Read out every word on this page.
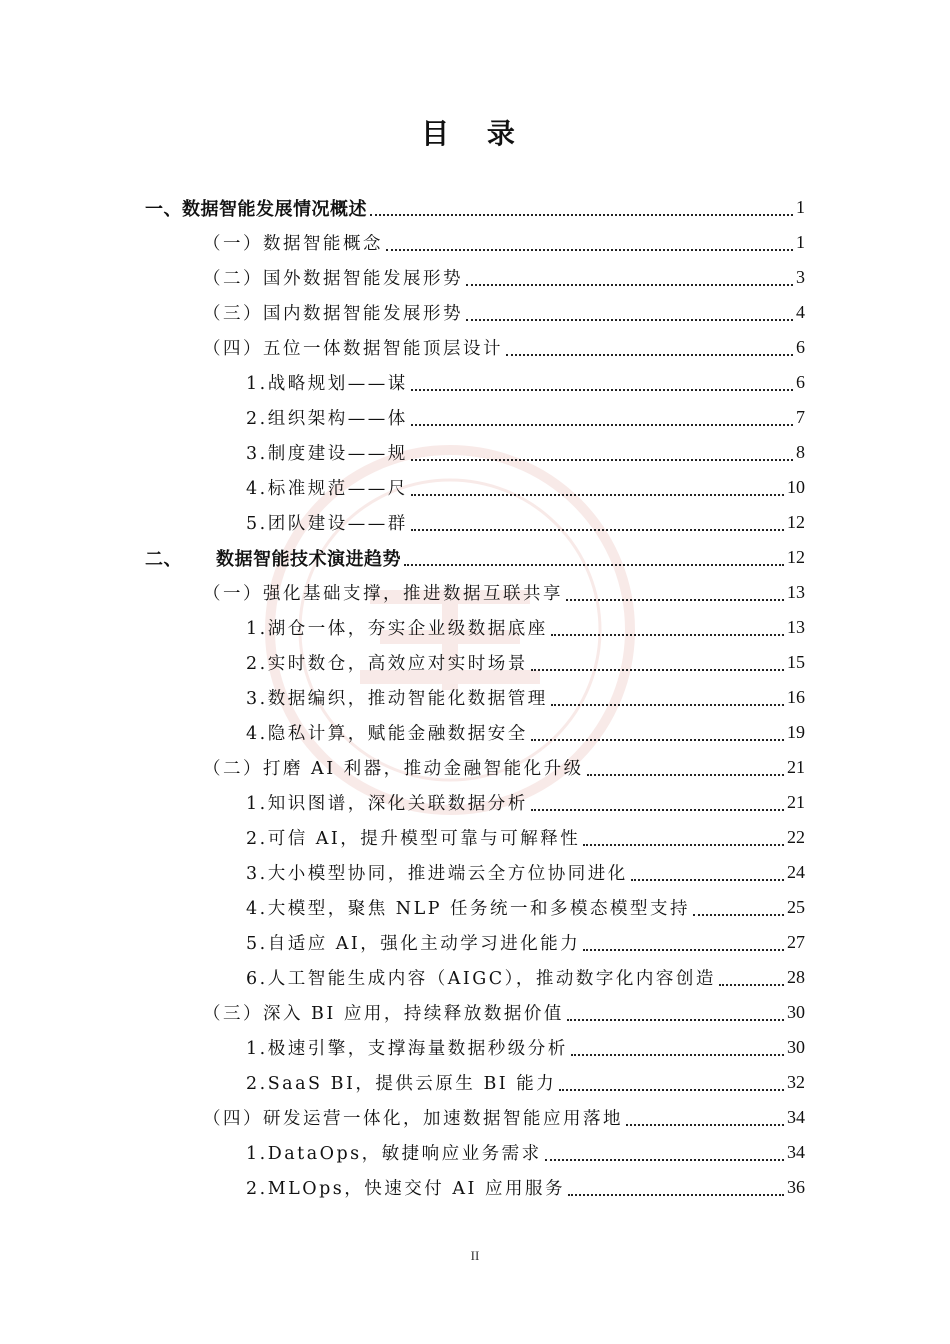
目 录
一、数据智能发展情况概述	1
（一）数据智能概念	1
（二）国外数据智能发展形势	3
（三）国内数据智能发展形势	4
（四）五位一体数据智能顶层设计	6
1.战略规划——谋	6
2.组织架构——体	7
3.制度建设——规	8
4.标准规范——尺	10
5.团队建设——群	12
二、 数据智能技术演进趋势	12
（一）强化基础支撑，推进数据互联共享	13
1.湖仓一体，夯实企业级数据底座	13
2.实时数仓，高效应对实时场景	15
3.数据编织，推动智能化数据管理	16
4.隐私计算，赋能金融数据安全	19
（二）打磨 AI 利器，推动金融智能化升级	21
1.知识图谱，深化关联数据分析	21
2.可信 AI，提升模型可靠与可解释性	22
3.大小模型协同，推进端云全方位协同进化	24
4.大模型，聚焦 NLP 任务统一和多模态模型支持	25
5.自适应 AI，强化主动学习进化能力	27
6.人工智能生成内容（AIGC），推动数字化内容创造	28
（三）深入 BI 应用，持续释放数据价值	30
1.极速引擎，支撑海量数据秒级分析	30
2.SaaS BI，提供云原生 BI 能力	32
（四）研发运营一体化，加速数据智能应用落地	34
1.DataOps，敏捷响应业务需求	34
2.MLOps，快速交付 AI 应用服务	36
II
